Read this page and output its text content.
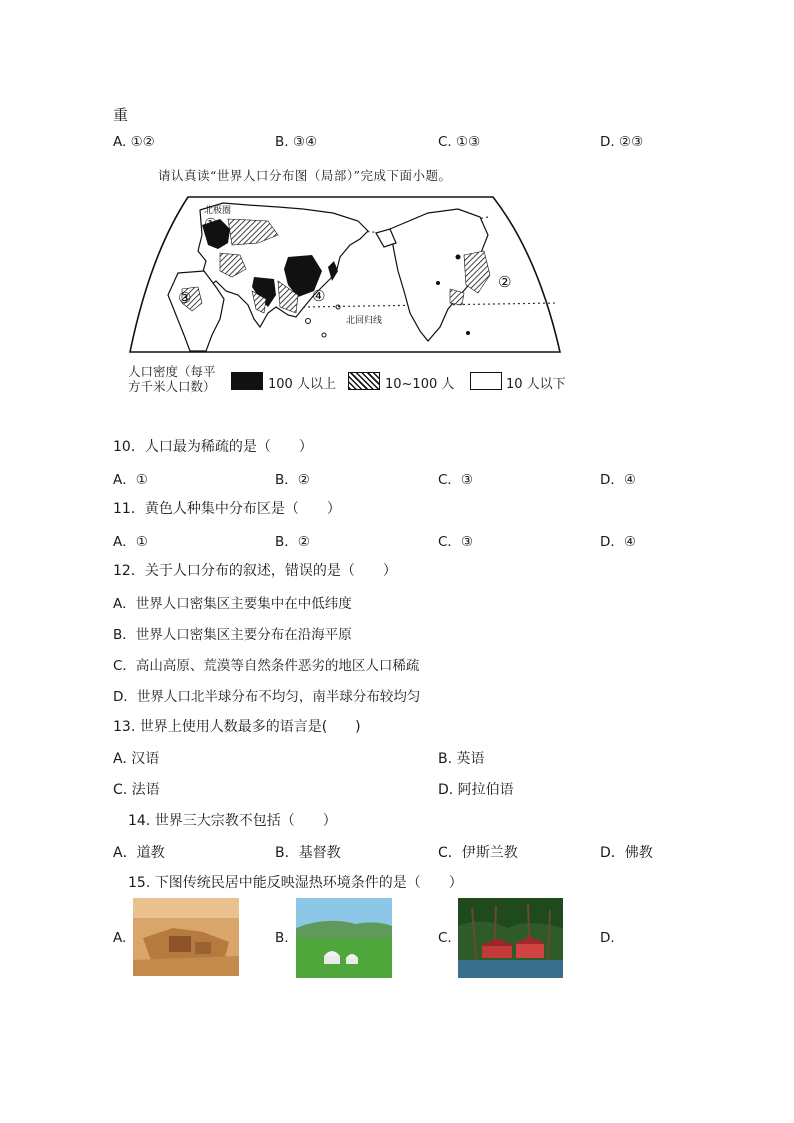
重
A. ①②	B. ③④	C. ①③	D. ②③
请认真读“世界人口分布图（局部）”完成下面小题。
北极圈
北回归线
①
②
③	④
人口密度（每平
方千米人口数）	100 人以上	10~100 人	10 人以下
10．人口最为稀疏的是（　　）
A．①	B．②	C．③	D．④
11．黄色人种集中分布区是（　　）
A．①	B．②	C．③	D．④
12．关于人口分布的叙述，错误的是（　　）
A．世界人口密集区主要集中在中低纬度
B．世界人口密集区主要分布在沿海平原
C．高山高原、荒漠等自然条件恶劣的地区人口稀疏
D．世界人口北半球分布不均匀，南半球分布较均匀
13. 世界上使用人数最多的语言是(　　)
A. 汉语	B. 英语
C. 法语	D. 阿拉伯语
14. 世界三大宗教不包括（　　）
A．道教	B．基督教	C．伊斯兰教	D．佛教
15. 下图传统民居中能反映湿热环境条件的是（　　）
A.	B.	C.	D.
